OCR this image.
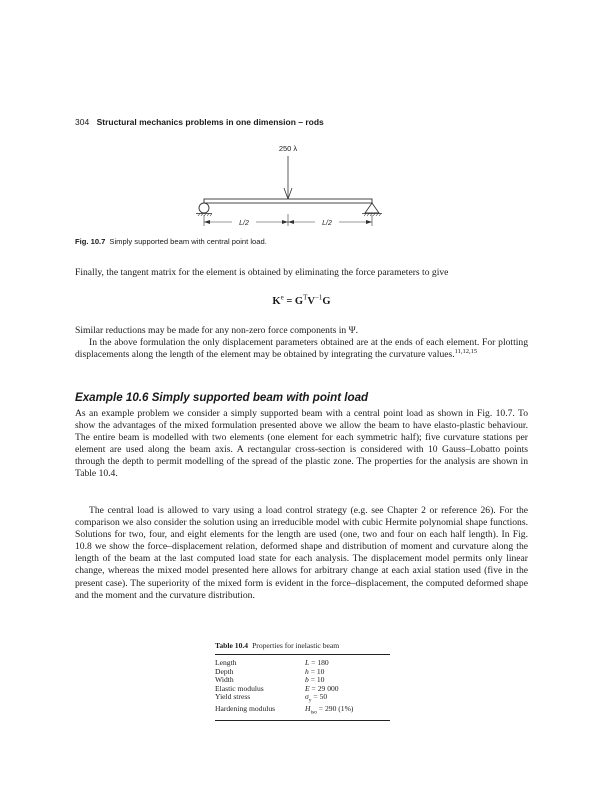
304 Structural mechanics problems in one dimension – rods
250 λ
L/2	L/2
Fig. 10.7 Simply supported beam with central point load.

Finally, the tangent matrix for the element is obtained by eliminating the force parameters to give

$K^e = G^TV^{-1}G$

Similar reductions may be made for any non-zero force components in Ψ.

In the above formulation the only displacement parameters obtained are at the ends of each element. For plotting displacements along the length of the element may be obtained by integrating the curvature values.$^{11,12,15}$

Example 10.6 Simply supported beam with point load

As an example problem we consider a simply supported beam with a central point load as shown in Fig. 10.7. To show the advantages of the mixed formulation presented above we allow the beam to have elasto-plastic behaviour. The entire beam is modelled with two elements (one element for each symmetric half); five curvature stations per element are used along the beam axis. A rectangular cross-section is considered with 10 Gauss–Lobatto points through the depth to permit modelling of the spread of the plastic zone. The properties for the analysis are shown in Table 10.4.

The central load is allowed to vary using a load control strategy (e.g. see Chapter 2 or reference 26). For the comparison we also consider the solution using an irreducible model with cubic Hermite polynomial shape functions. Solutions for two, four, and eight elements for the length are used (one, two and four on each half length). In Fig. 10.8 we show the force–displacement relation, deformed shape and distribution of moment and curvature along the length of the beam at the last computed load state for each analysis. The displacement model permits only linear change, whereas the mixed model presented here allows for arbitrary change at each axial station used (five in the present case). The superiority of the mixed form is evident in the force–displacement, the computed deformed shape and the moment and the curvature distribution.

Table 10.4 Properties for inelastic beam
Length	L = 180
Depth	h = 10
Width	b = 10
Elastic modulus	E = 29 000
Yield stress	$\sigma_y = 50$
Hardening modulus	$H_{iso} = 290$ (1%)
